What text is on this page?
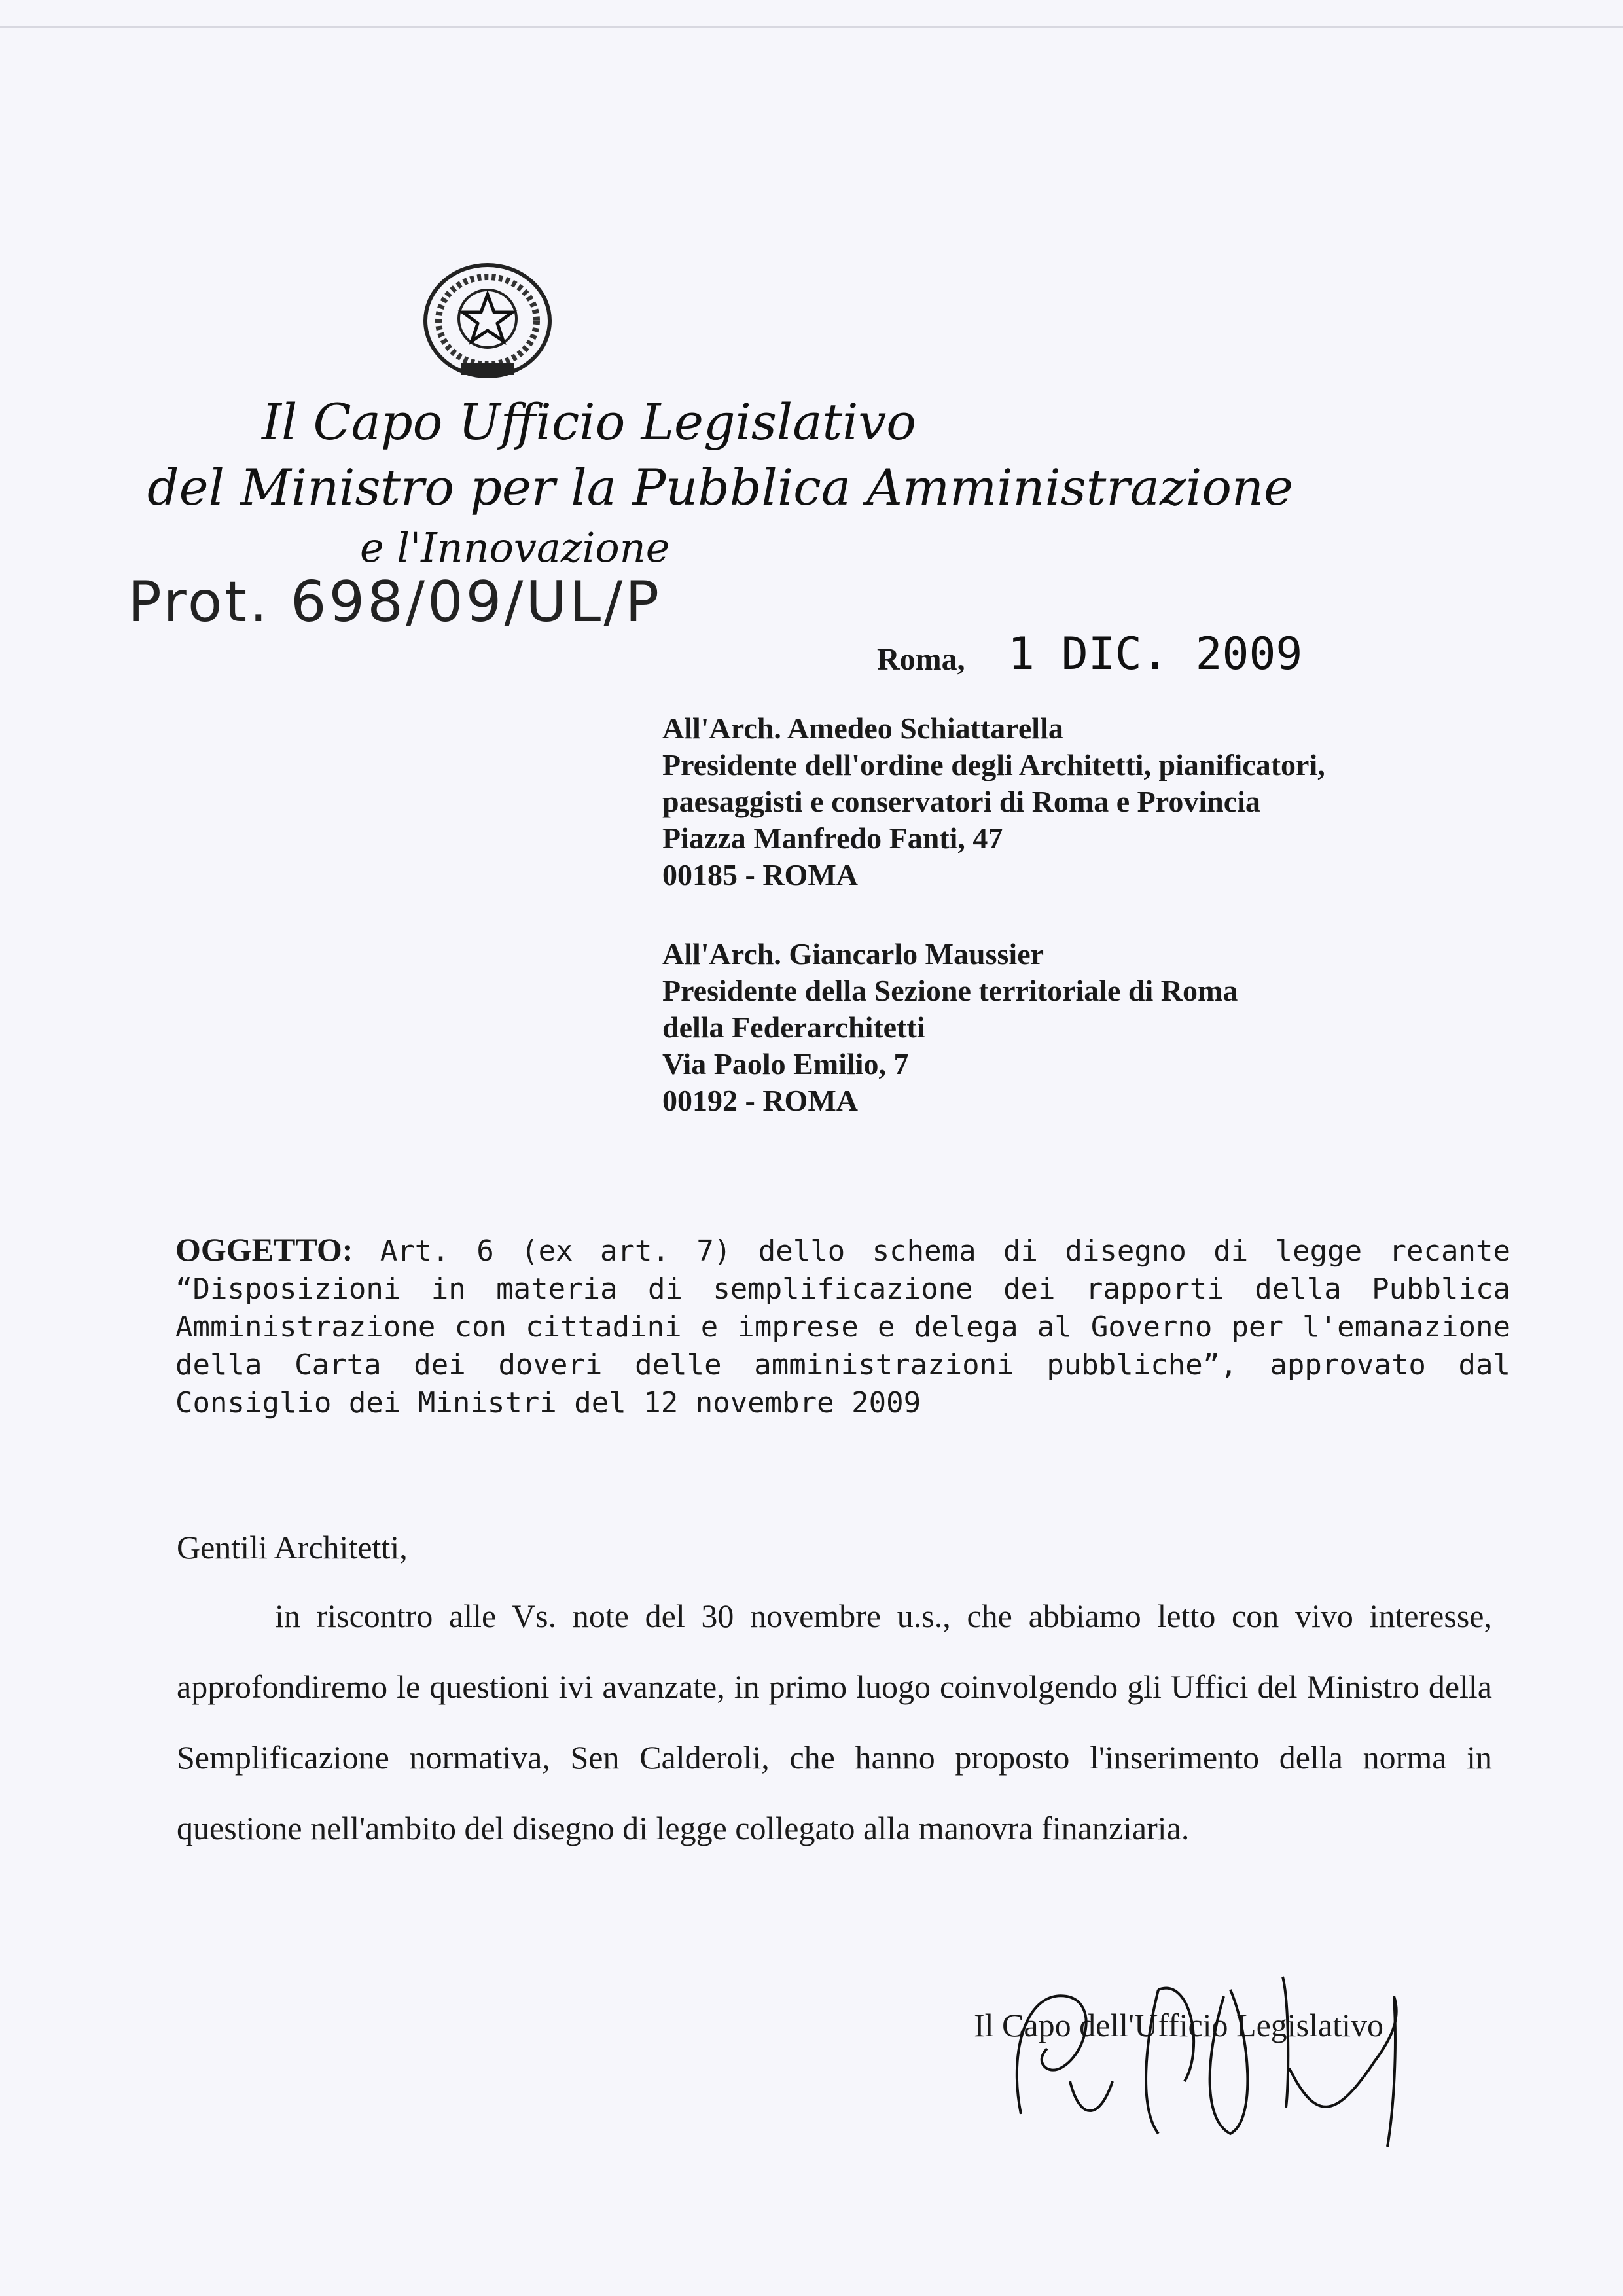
Il Capo Ufficio Legislativo
del Ministro per la Pubblica Amministrazione
e l'Innovazione
Prot. 698/09/UL/P
Roma, 1 DIC. 2009
All'Arch. Amedeo Schiattarella
Presidente dell'ordine degli Architetti, pianificatori,
paesaggisti e conservatori di Roma e Provincia
Piazza Manfredo Fanti, 47
00185 - ROMA
All'Arch. Giancarlo Maussier
Presidente della Sezione territoriale di Roma
della Federarchitetti
Via Paolo Emilio, 7
00192 - ROMA
OGGETTO: Art. 6 (ex art. 7) dello schema di disegno di legge recante “Disposizioni in materia di semplificazione dei rapporti della Pubblica Amministrazione con cittadini e imprese e delega al Governo per l'emanazione della Carta dei doveri delle amministrazioni pubbliche”, approvato dal Consiglio dei Ministri del 12 novembre 2009
Gentili Architetti,
in riscontro alle Vs. note del 30 novembre u.s., che abbiamo letto con vivo interesse, approfondiremo le questioni ivi avanzate, in primo luogo coinvolgendo gli Uffici del Ministro della Semplificazione normativa, Sen Calderoli, che hanno proposto l'inserimento della norma in questione nell'ambito del disegno di legge collegato alla manovra finanziaria.
Il Capo dell'Ufficio Legislativo
